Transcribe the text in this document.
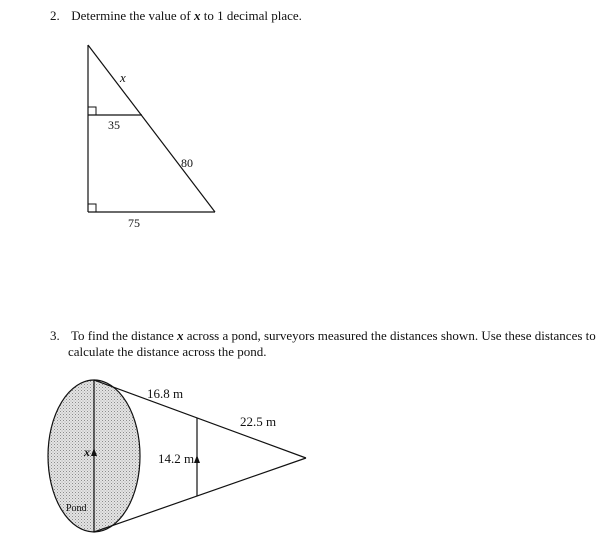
2. Determine the value of x to 1 decimal place.
3. To find the distance x across a pond, surveyors measured the distances shown. Use these distances to
calculate the distance across the pond.
x
35
80
75
16.8 m
22.5 m
14.2 m
x
Pond
